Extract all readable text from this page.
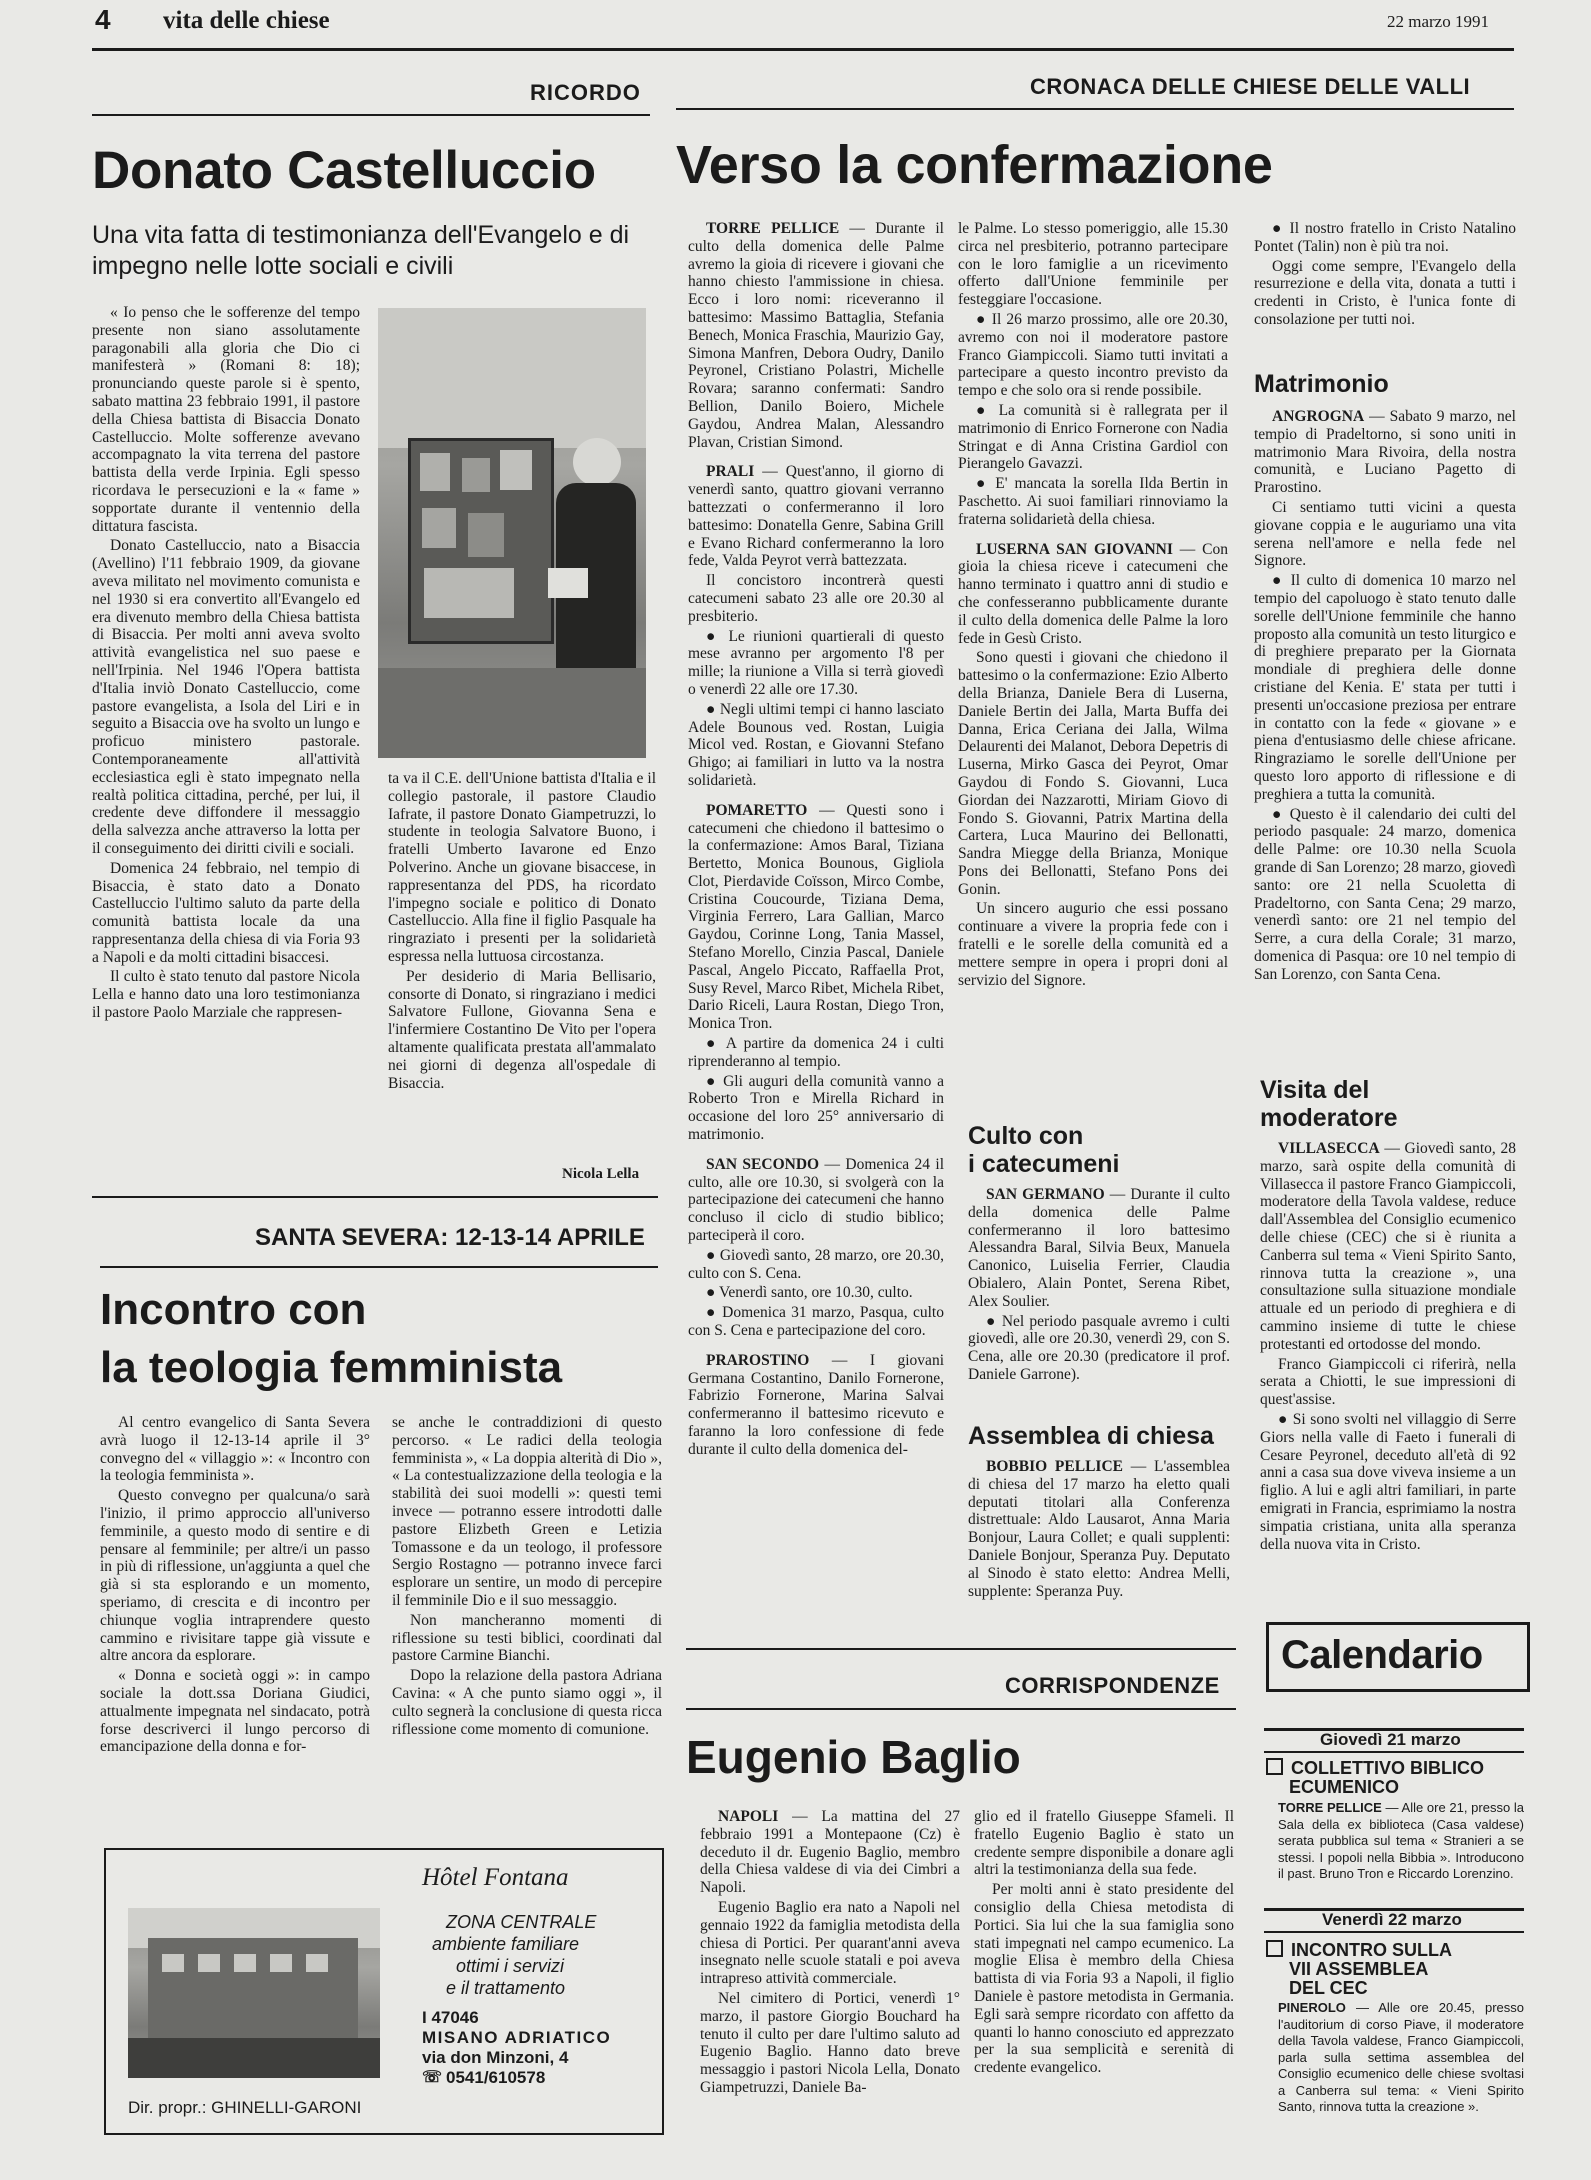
4 vita delle chiese	22 marzo 1991
RICORDO	CRONACA DELLE CHIESE DELLE VALLI
Donato Castelluccio
Una vita fatta di testimonianza dell'Evangelo e di impegno nelle lotte sociali e civili

« Io penso che le sofferenze del tempo presente non siano assolutamente paragonabili alla gloria che Dio ci manifesterà » (Romani 8: 18); pronunciando queste parole si è spento, sabato mattina 23 febbraio 1991, il pastore della Chiesa battista di Bisaccia Donato Castelluccio. Molte sofferenze avevano accompagnato la vita terrena del pastore battista della verde Irpinia. Egli spesso ricordava le persecuzioni e la « fame » sopportate durante il ventennio della dittatura fascista.

Donato Castelluccio, nato a Bisaccia (Avellino) l'11 febbraio 1909, da giovane aveva militato nel movimento comunista e nel 1930 si era convertito all'Evangelo ed era divenuto membro della Chiesa battista di Bisaccia. Per molti anni aveva svolto attività evangelistica nel suo paese e nell'Irpinia. Nel 1946 l'Opera battista d'Italia inviò Donato Castelluccio, come pastore evangelista, a Isola del Liri e in seguito a Bisaccia ove ha svolto un lungo e proficuo ministero pastorale. Contemporaneamente all'attività ecclesiastica egli è stato impegnato nella realtà politica cittadina, perché, per lui, il credente deve diffondere il messaggio della salvezza anche attraverso la lotta per il conseguimento dei diritti civili e sociali.

Domenica 24 febbraio, nel tempio di Bisaccia, è stato dato a Donato Castelluccio l'ultimo saluto da parte della comunità battista locale da una rappresentanza della chiesa di via Foria 93 a Napoli e da molti cittadini bisaccesi.

Il culto è stato tenuto dal pastore Nicola Lella e hanno dato una loro testimonianza il pastore Paolo Marziale che rappresen-

ta va il C.E. dell'Unione battista d'Italia e il collegio pastorale, il pastore Claudio Iafrate, il pastore Donato Giampetruzzi, lo studente in teologia Salvatore Buono, i fratelli Umberto Iavarone ed Enzo Polverino. Anche un giovane bisaccese, in rappresentanza del PDS, ha ricordato l'impegno sociale e politico di Donato Castelluccio. Alla fine il figlio Pasquale ha ringraziato i presenti per la solidarietà espressa nella luttuosa circostanza.

Per desiderio di Maria Bellisario, consorte di Donato, si ringraziano i medici Salvatore Fullone, Giovanna Sena e l'infermiere Costantino De Vito per l'opera altamente qualificata prestata all'ammalato nei giorni di degenza all'ospedale di Bisaccia.

Nicola Lella
SANTA SEVERA: 12-13-14 APRILE
Incontro con
la teologia femminista

Al centro evangelico di Santa Severa avrà luogo il 12-13-14 aprile il 3° convegno del « villaggio »: « Incontro con la teologia femminista ».

Questo convegno per qualcuna/o sarà l'inizio, il primo approccio all'universo femminile, a questo modo di sentire e di pensare al femminile; per altre/i un passo in più di riflessione, un'aggiunta a quel che già si sta esplorando e un momento, speriamo, di crescita e di incontro per chiunque voglia intraprendere questo cammino e rivisitare tappe già vissute e altre ancora da esplorare.

« Donna e società oggi »: in campo sociale la dott.ssa Doriana Giudici, attualmente impegnata nel sindacato, potrà forse descriverci il lungo percorso di emancipazione della donna e for-

se anche le contraddizioni di questo percorso. « Le radici della teologia femminista », « La doppia alterità di Dio », « La contestualizzazione della teologia e la stabilità dei suoi modelli »: questi temi invece — potranno essere introdotti dalle pastore Elizbeth Green e Letizia Tomassone e da un teologo, il professore Sergio Rostagno — potranno invece farci esplorare un sentire, un modo di percepire il femminile Dio e il suo messaggio.

Non mancheranno momenti di riflessione su testi biblici, coordinati dal pastore Carmine Bianchi.

Dopo la relazione della pastora Adriana Cavina: « A che punto siamo oggi », il culto segnerà la conclusione di questa ricca riflessione come momento di comunione.

Hôtel Fontana
ZONA CENTRALE
ambiente familiare
ottimi i servizi
e il trattamento
I 47046
MISANO ADRIATICO
via don Minzoni, 4
☏ 0541/610578
Dir. propr.: GHINELLI-GARONI
Verso la confermazione

TORRE PELLICE — Durante il culto della domenica delle Palme avremo la gioia di ricevere i giovani che hanno chiesto l'ammissione in chiesa. Ecco i loro nomi: riceveranno il battesimo: Massimo Battaglia, Stefania Benech, Monica Fraschia, Maurizio Gay, Simona Manfren, Debora Oudry, Danilo Peyronel, Cristiano Polastri, Michelle Rovara; saranno confermati: Sandro Bellion, Danilo Boiero, Michele Gaydou, Andrea Malan, Alessandro Plavan, Cristian Simond.

PRALI — Quest'anno, il giorno di venerdì santo, quattro giovani verranno battezzati o confermeranno il loro battesimo: Donatella Genre, Sabina Grill e Evano Richard confermeranno la loro fede, Valda Peyrot verrà battezzata.

Il concistoro incontrerà questi catecumeni sabato 23 alle ore 20.30 al presbiterio.

● Le riunioni quartierali di questo mese avranno per argomento l'8 per mille; la riunione a Villa si terrà giovedì o venerdì 22 alle ore 17.30.

● Negli ultimi tempi ci hanno lasciato Adele Bounous ved. Rostan, Luigia Micol ved. Rostan, e Giovanni Stefano Ghigo; ai familiari in lutto va la nostra solidarietà.

POMARETTO — Questi sono i catecumeni che chiedono il battesimo o la confermazione: Amos Baral, Tiziana Bertetto, Monica Bounous, Gigliola Clot, Pierdavide Coïsson, Mirco Combe, Cristina Coucourde, Tiziana Dema, Virginia Ferrero, Lara Gallian, Marco Gaydou, Corinne Long, Tania Massel, Stefano Morello, Cinzia Pascal, Daniele Pascal, Angelo Piccato, Raffaella Prot, Susy Revel, Marco Ribet, Michela Ribet, Dario Riceli, Laura Rostan, Diego Tron, Monica Tron.

● A partire da domenica 24 i culti riprenderanno al tempio.

● Gli auguri della comunità vanno a Roberto Tron e Mirella Richard in occasione del loro 25° anniversario di matrimonio.

SAN SECONDO — Domenica 24 il culto, alle ore 10.30, si svolgerà con la partecipazione dei catecumeni che hanno concluso il ciclo di studio biblico; parteciperà il coro.

● Giovedì santo, 28 marzo, ore 20.30, culto con S. Cena.

● Venerdì santo, ore 10.30, culto.

● Domenica 31 marzo, Pasqua, culto con S. Cena e partecipazione del coro.

PRAROSTINO — I giovani Germana Costantino, Danilo Fornerone, Fabrizio Fornerone, Marina Salvai confermeranno il battesimo ricevuto e faranno la loro confessione di fede durante il culto della domenica del-

le Palme. Lo stesso pomeriggio, alle 15.30 circa nel presbiterio, potranno partecipare con le loro famiglie a un ricevimento offerto dall'Unione femminile per festeggiare l'occasione.

● Il 26 marzo prossimo, alle ore 20.30, avremo con noi il moderatore pastore Franco Giampiccoli. Siamo tutti invitati a partecipare a questo incontro previsto da tempo e che solo ora si rende possibile.

● La comunità si è rallegrata per il matrimonio di Enrico Fornerone con Nadia Stringat e di Anna Cristina Gardiol con Pierangelo Gavazzi.

● E' mancata la sorella Ilda Bertin in Paschetto. Ai suoi familiari rinnoviamo la fraterna solidarietà della chiesa.

LUSERNA SAN GIOVANNI — Con gioia la chiesa riceve i catecumeni che hanno terminato i quattro anni di studio e che confesseranno pubblicamente durante il culto della domenica delle Palme la loro fede in Gesù Cristo.

Sono questi i giovani che chiedono il battesimo o la confermazione: Ezio Alberto della Brianza, Daniele Bera di Luserna, Daniele Bertin dei Jalla, Marta Buffa dei Danna, Erica Ceriana dei Jalla, Wilma Delaurenti dei Malanot, Debora Depetris di Luserna, Mirko Gasca dei Peyrot, Omar Gaydou di Fondo S. Giovanni, Luca Giordan dei Nazzarotti, Miriam Giovo di Fondo S. Giovanni, Patrix Martina della Cartera, Luca Maurino dei Bellonatti, Sandra Miegge della Brianza, Monique Pons dei Bellonatti, Stefano Pons dei Gonin.

Un sincero augurio che essi possano continuare a vivere la propria fede con i fratelli e le sorelle della comunità ed a mettere sempre in opera i propri doni al servizio del Signore.

Culto con
i catecumeni

SAN GERMANO — Durante il culto della domenica delle Palme confermeranno il loro battesimo Alessandra Baral, Silvia Beux, Manuela Canonico, Luiselia Ferrier, Claudia Obialero, Alain Pontet, Serena Ribet, Alex Soulier.

● Nel periodo pasquale avremo i culti giovedì, alle ore 20.30, venerdì 29, con S. Cena, alle ore 20.30 (predicatore il prof. Daniele Garrone).

Assemblea di chiesa

BOBBIO PELLICE — L'assemblea di chiesa del 17 marzo ha eletto quali deputati titolari alla Conferenza distrettuale: Aldo Lausarot, Anna Maria Bonjour, Laura Collet; e quali supplenti: Daniele Bonjour, Speranza Puy. Deputato al Sinodo è stato eletto: Andrea Melli, supplente: Speranza Puy.

● Il nostro fratello in Cristo Natalino Pontet (Talin) non è più tra noi.

Oggi come sempre, l'Evangelo della resurrezione e della vita, donata a tutti i credenti in Cristo, è l'unica fonte di consolazione per tutti noi.

Matrimonio

ANGROGNA — Sabato 9 marzo, nel tempio di Pradeltorno, si sono uniti in matrimonio Mara Rivoira, della nostra comunità, e Luciano Pagetto di Prarostino.

Ci sentiamo tutti vicini a questa giovane coppia e le auguriamo una vita serena nell'amore e nella fede nel Signore.

● Il culto di domenica 10 marzo nel tempio del capoluogo è stato tenuto dalle sorelle dell'Unione femminile che hanno proposto alla comunità un testo liturgico e di preghiere preparato per la Giornata mondiale di preghiera delle donne cristiane del Kenia. E' stata per tutti i presenti un'occasione preziosa per entrare in contatto con la fede « giovane » e piena d'entusiasmo delle chiese africane. Ringraziamo le sorelle dell'Unione per questo loro apporto di riflessione e di preghiera a tutta la comunità.

● Questo è il calendario dei culti del periodo pasquale: 24 marzo, domenica delle Palme: ore 10.30 nella Scuola grande di San Lorenzo; 28 marzo, giovedì santo: ore 21 nella Scuoletta di Pradeltorno, con Santa Cena; 29 marzo, venerdì santo: ore 21 nel tempio del Serre, a cura della Corale; 31 marzo, domenica di Pasqua: ore 10 nel tempio di San Lorenzo, con Santa Cena.

Visita del
moderatore

VILLASECCA — Giovedì santo, 28 marzo, sarà ospite della comunità di Villasecca il pastore Franco Giampiccoli, moderatore della Tavola valdese, reduce dall'Assemblea del Consiglio ecumenico delle chiese (CEC) che si è riunita a Canberra sul tema « Vieni Spirito Santo, rinnova tutta la creazione », una consultazione sulla situazione mondiale attuale ed un periodo di preghiera e di cammino insieme di tutte le chiese protestanti ed ortodosse del mondo.

Franco Giampiccoli ci riferirà, nella serata a Chiotti, le sue impressioni di quest'assise.

● Si sono svolti nel villaggio di Serre Giors nella valle di Faeto i funerali di Cesare Peyronel, deceduto all'età di 92 anni a casa sua dove viveva insieme a un figlio. A lui e agli altri familiari, in parte emigrati in Francia, esprimiamo la nostra simpatia cristiana, unita alla speranza della nuova vita in Cristo.

CORRISPONDENZE
Eugenio Baglio

NAPOLI — La mattina del 27 febbraio 1991 a Montepaone (Cz) è deceduto il dr. Eugenio Baglio, membro della Chiesa valdese di via dei Cimbri a Napoli.

Eugenio Baglio era nato a Napoli nel gennaio 1922 da famiglia metodista della chiesa di Portici. Per quarant'anni aveva insegnato nelle scuole statali e poi aveva intrapreso attività commerciale.

Nel cimitero di Portici, venerdì 1° marzo, il pastore Giorgio Bouchard ha tenuto il culto per dare l'ultimo saluto ad Eugenio Baglio. Hanno dato breve messaggio i pastori Nicola Lella, Donato Giampetruzzi, Daniele Ba-

glio ed il fratello Giuseppe Sfameli. Il fratello Eugenio Baglio è stato un credente sempre disponibile a donare agli altri la testimonianza della sua fede.

Per molti anni è stato presidente del consiglio della Chiesa metodista di Portici. Sia lui che la sua famiglia sono stati impegnati nel campo ecumenico. La moglie Elisa è membro della Chiesa battista di via Foria 93 a Napoli, il figlio Daniele è pastore metodista in Germania. Egli sarà sempre ricordato con affetto da quanti lo hanno conosciuto ed apprezzato per la sua semplicità e serenità di credente evangelico.

Calendario
Giovedì 21 marzo
COLLETTIVO BIBLICO
ECUMENICO
TORRE PELLICE — Alle ore 21, presso la Sala della ex biblioteca (Casa valdese) serata pubblica sul tema « Stranieri a se stessi. I popoli nella Bibbia ». Introducono il past. Bruno Tron e Riccardo Lorenzino.
Venerdì 22 marzo
INCONTRO SULLA
VII ASSEMBLEA
DEL CEC
PINEROLO — Alle ore 20.45, presso l'auditorium di corso Piave, il moderatore della Tavola valdese, Franco Giampiccoli, parla sulla settima assemblea del Consiglio ecumenico delle chiese svoltasi a Canberra sul tema: « Vieni Spirito Santo, rinnova tutta la creazione ».
